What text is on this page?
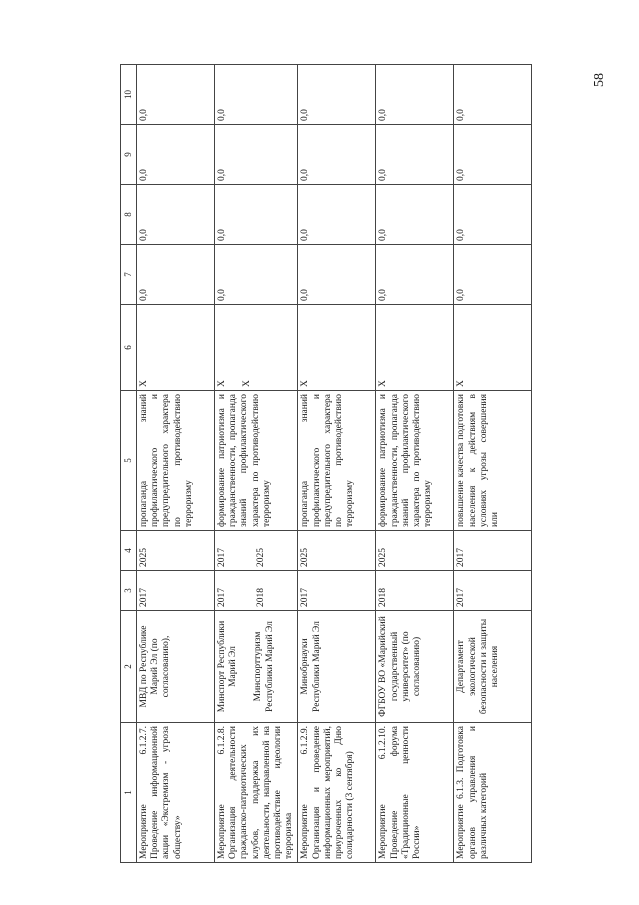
58
1	2	3	4	5	6	7	8	9	10
Мероприятие 6.1.2.7. Проведение информационной акции «Экстремизм - угроза обществу»	МВД по Республике Марий Эл (по согласованию),	2017	2025	пропаганда знаний профилактического и предупредительного характера по противодействию терроризму	X	0,0	0,0	0,0	0,0
Мероприятие 6.1.2.8. Организация деятельности гражданско-патриотических клубов, поддержка их деятельности, направленной на противодействие идеологии терроризма	Минспорт Республики Марий Эл Минспорттуризм Республики Марий Эл	2017 2018	2017 2025	формирование патриотизма и гражданственности, пропаганда знаний профилактического характера по противодействию терроризму	X X	0,0	0,0	0,0	0,0
Мероприятие 6.1.2.9. Организация и проведение информационных мероприятий, приуроченных ко Дню солидарности (3 сентября)	Минобрнауки Республики Марий Эл	2017	2025	пропаганда знаний профилактического и предупредительного характера по противодействию терроризму	X	0,0	0,0	0,0	0,0
Мероприятие 6.1.2.10. Проведение форума «Традиционные ценности России»	ФГБОУ ВО «Марийский государственный университет» (по согласованию)	2018	2025	формирование патриотизма и гражданственности, пропаганда знаний профилактического характера по противодействию терроризму	X	0,0	0,0	0,0	0,0
Мероприятие 6.1.3. Подготовка органов управления и различных категорий	Департамент экологической безопасности и защиты населения	2017	2017	повышение качества подготовки населения к действиям в условиях угрозы совершения или	X	0,0	0,0	0,0	0,0
